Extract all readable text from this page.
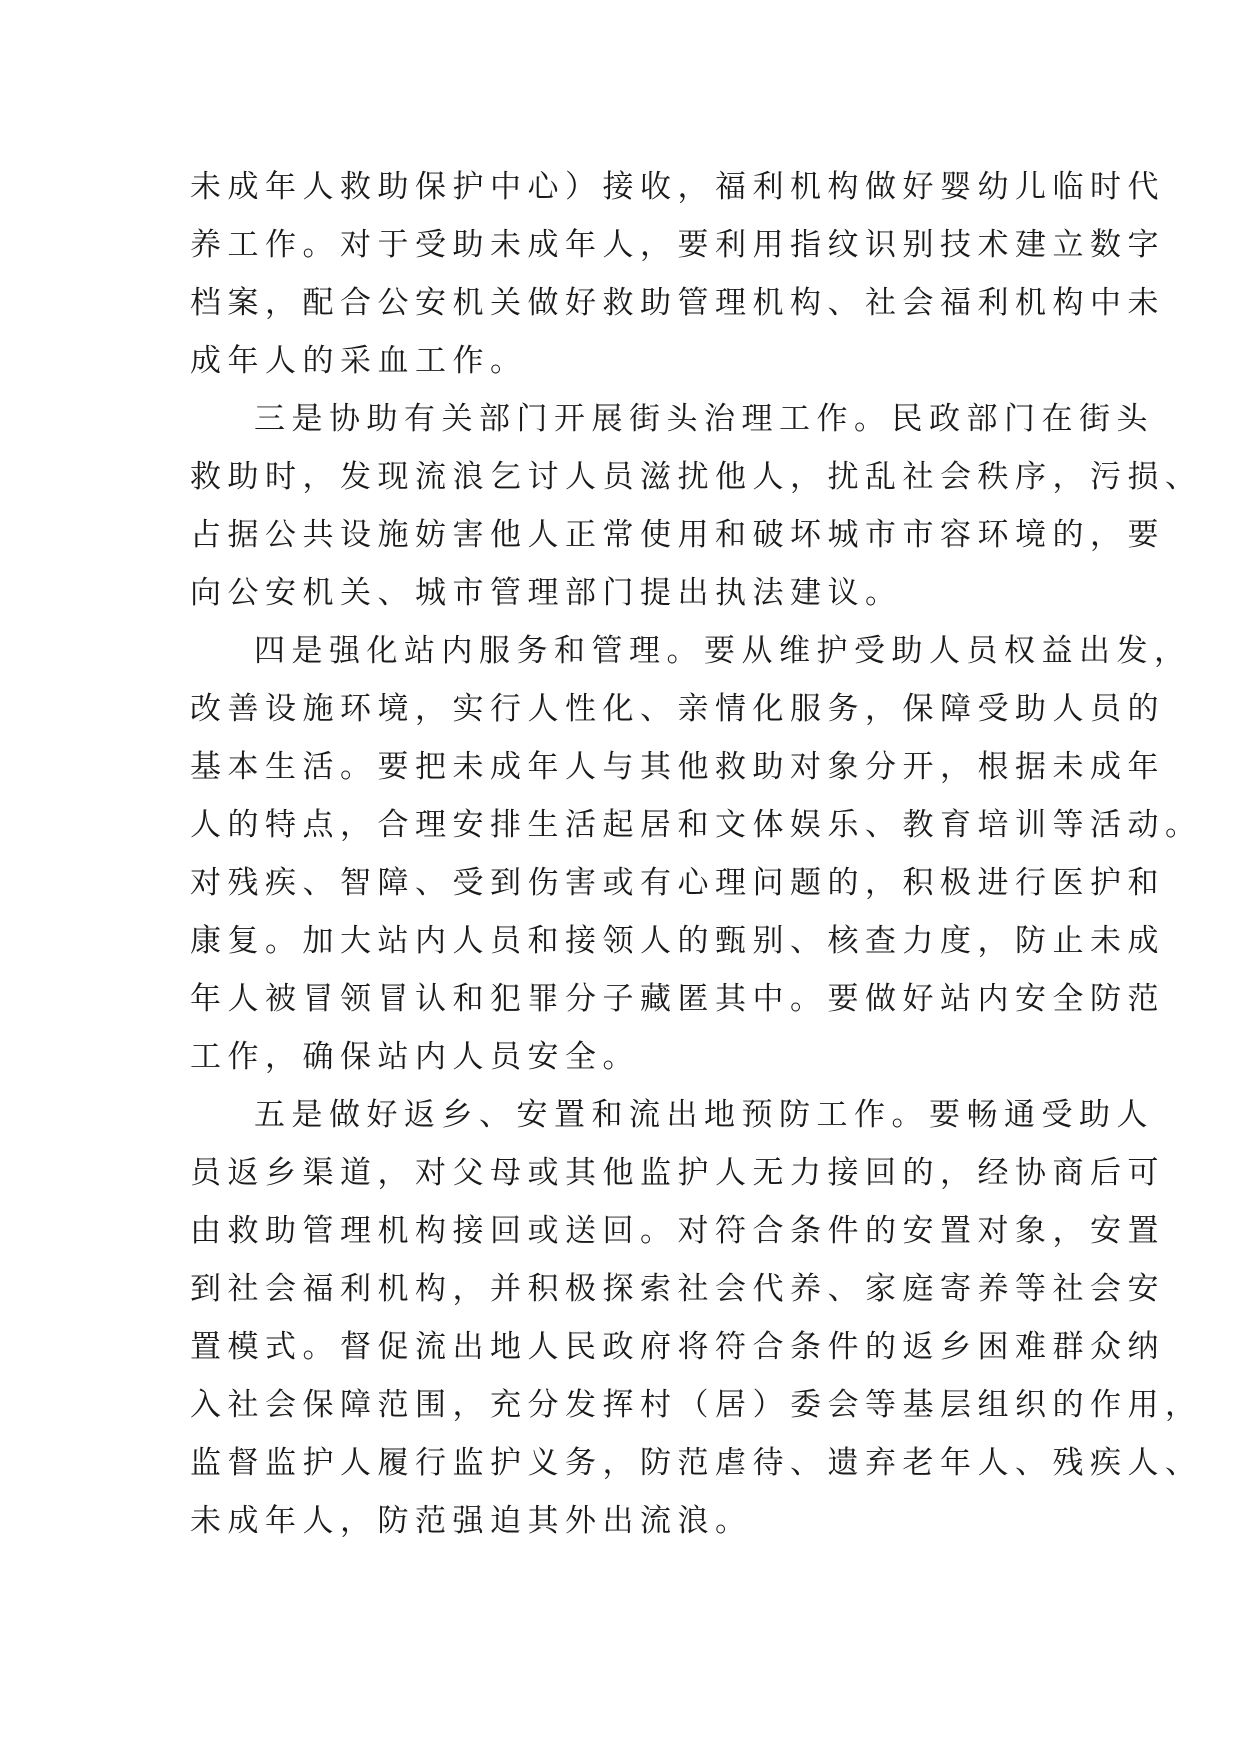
未成年人救助保护中心）接收，福利机构做好婴幼儿临时代
养工作。对于受助未成年人，要利用指纹识别技术建立数字
档案，配合公安机关做好救助管理机构、社会福利机构中未
成年人的采血工作。
三是协助有关部门开展街头治理工作。民政部门在街头
救助时，发现流浪乞讨人员滋扰他人，扰乱社会秩序，污损、
占据公共设施妨害他人正常使用和破坏城市市容环境的，要
向公安机关、城市管理部门提出执法建议。
四是强化站内服务和管理。要从维护受助人员权益出发，
改善设施环境，实行人性化、亲情化服务，保障受助人员的
基本生活。要把未成年人与其他救助对象分开，根据未成年
人的特点，合理安排生活起居和文体娱乐、教育培训等活动。
对残疾、智障、受到伤害或有心理问题的，积极进行医护和
康复。加大站内人员和接领人的甄别、核查力度，防止未成
年人被冒领冒认和犯罪分子藏匿其中。要做好站内安全防范
工作，确保站内人员安全。
五是做好返乡、安置和流出地预防工作。要畅通受助人
员返乡渠道，对父母或其他监护人无力接回的，经协商后可
由救助管理机构接回或送回。对符合条件的安置对象，安置
到社会福利机构，并积极探索社会代养、家庭寄养等社会安
置模式。督促流出地人民政府将符合条件的返乡困难群众纳
入社会保障范围，充分发挥村（居）委会等基层组织的作用，
监督监护人履行监护义务，防范虐待、遗弃老年人、残疾人、
未成年人，防范强迫其外出流浪。
